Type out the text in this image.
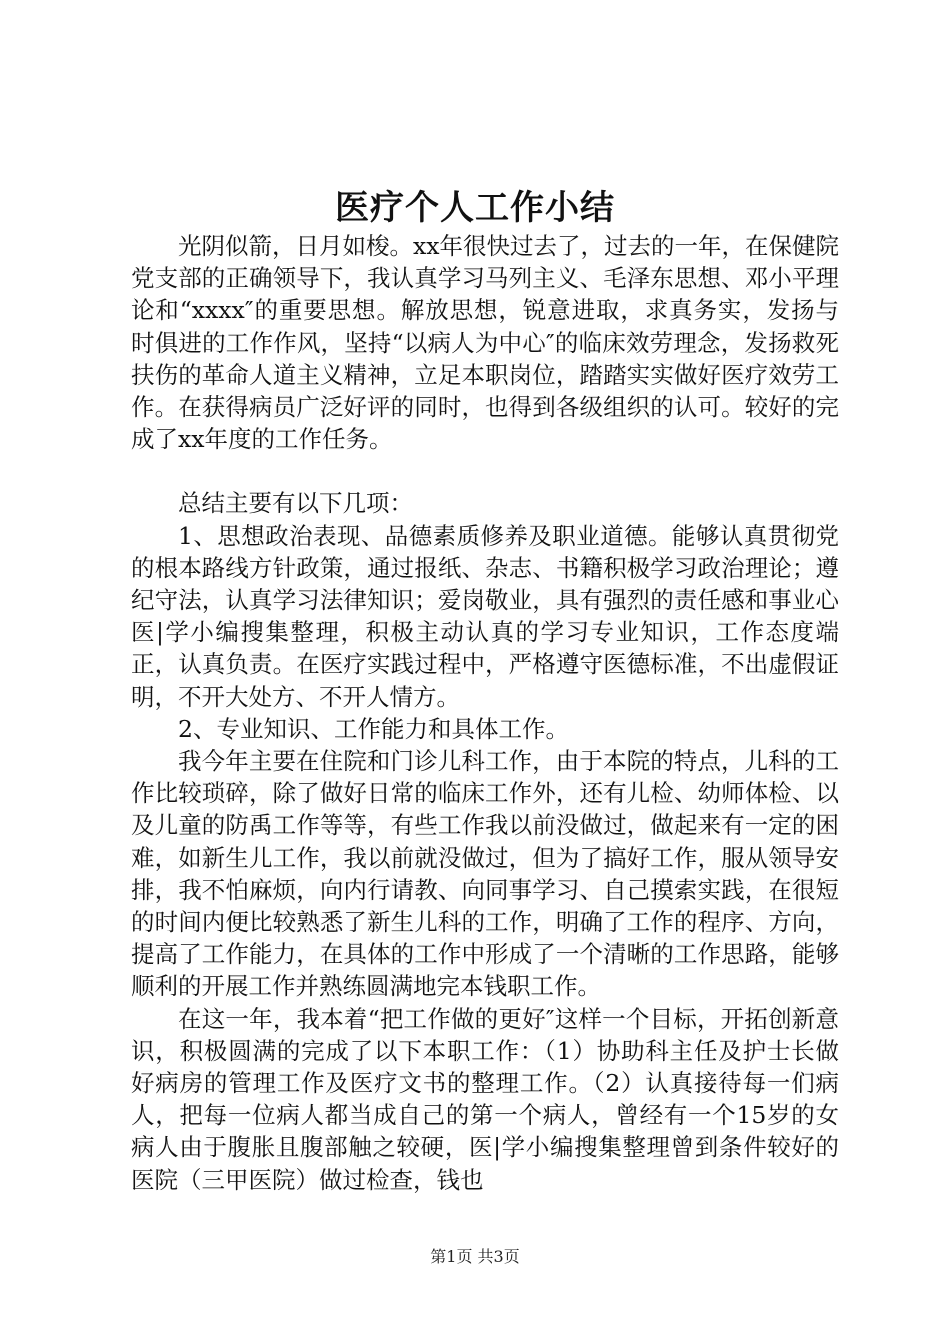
医疗个人工作小结

光阴似箭，日月如梭。xx年很快过去了，过去的一年，在保健院党支部的正确领导下，我认真学习马列主义、毛泽东思想、邓小平理论和“xxxx″的重要思想。解放思想，锐意进取，求真务实，发扬与时俱进的工作作风，坚持“以病人为中心″的临床效劳理念，发扬救死扶伤的革命人道主义精神，立足本职岗位，踏踏实实做好医疗效劳工作。在获得病员广泛好评的同时，也得到各级组织的认可。较好的完成了xx年度的工作任务。

总结主要有以下几项：

1、思想政治表现、品德素质修养及职业道德。能够认真贯彻党的根本路线方针政策，通过报纸、杂志、书籍积极学习政治理论；遵纪守法，认真学习法律知识；爱岗敬业，具有强烈的责任感和事业心医|学小编搜集整理，积极主动认真的学习专业知识，工作态度端正，认真负责。在医疗实践过程中，严格遵守医德标准，不出虚假证明，不开大处方、不开人情方。

2、专业知识、工作能力和具体工作。

我今年主要在住院和门诊儿科工作，由于本院的特点，儿科的工作比较琐碎，除了做好日常的临床工作外，还有儿检、幼师体检、以及儿童的防禹工作等等，有些工作我以前没做过，做起来有一定的困难，如新生儿工作，我以前就没做过，但为了搞好工作，服从领导安排，我不怕麻烦，向内行请教、向同事学习、自己摸索实践，在很短的时间内便比较熟悉了新生儿科的工作，明确了工作的程序、方向，提高了工作能力，在具体的工作中形成了一个清晰的工作思路，能够顺利的开展工作并熟练圆满地完本钱职工作。

在这一年，我本着“把工作做的更好″这样一个目标，开拓创新意识，积极圆满的完成了以下本职工作：（1）协助科主任及护士长做好病房的管理工作及医疗文书的整理工作。（2）认真接待每一们病人，把每一位病人都当成自己的第一个病人，曾经有一个15岁的女病人由于腹胀且腹部触之较硬，医|学小编搜集整理曾到条件较好的医院（三甲医院）做过检查，钱也

第1页 共3页
